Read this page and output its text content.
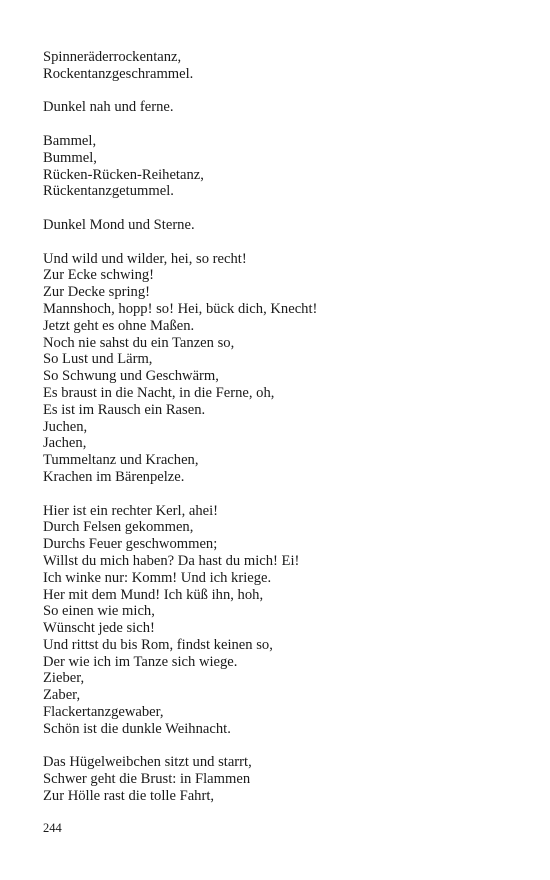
Spinneräderrockentanz,
Rockentanzgeschrammel.
Dunkel nah und ferne.
Bammel,
Bummel,
Rücken-Rücken-Reihetanz,
Rückentanzgetummel.
Dunkel Mond und Sterne.
Und wild und wilder, hei, so recht!
Zur Ecke schwing!
Zur Decke spring!
Mannshoch, hopp! so! Hei, bück dich, Knecht!
Jetzt geht es ohne Maßen.
Noch nie sahst du ein Tanzen so,
So Lust und Lärm,
So Schwung und Geschwärm,
Es braust in die Nacht, in die Ferne, oh,
Es ist im Rausch ein Rasen.
Juchen,
Jachen,
Tummeltanz und Krachen,
Krachen im Bärenpelze.
Hier ist ein rechter Kerl, ahei!
Durch Felsen gekommen,
Durchs Feuer geschwommen;
Willst du mich haben? Da hast du mich! Ei!
Ich winke nur: Komm! Und ich kriege.
Her mit dem Mund! Ich küß ihn, hoh,
So einen wie mich,
Wünscht jede sich!
Und rittst du bis Rom, findst keinen so,
Der wie ich im Tanze sich wiege.
Zieber,
Zaber,
Flackertanzgewaber,
Schön ist die dunkle Weihnacht.
Das Hügelweibchen sitzt und starrt,
Schwer geht die Brust: in Flammen
Zur Hölle rast die tolle Fahrt,
244
